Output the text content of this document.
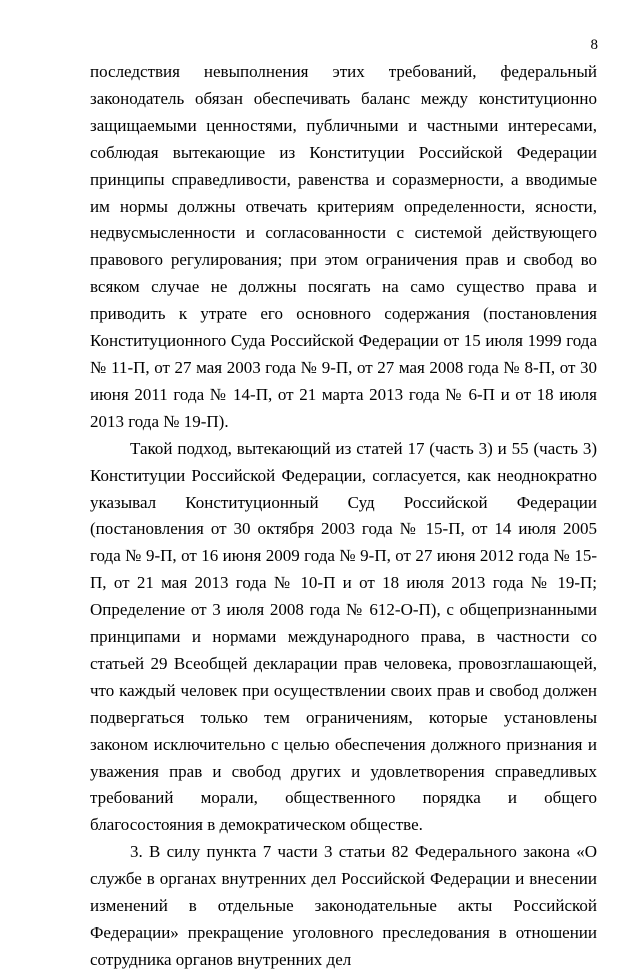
8

последствия невыполнения этих требований, федеральный законодатель обязан обеспечивать баланс между конституционно защищаемыми ценностями, публичными и частными интересами, соблюдая вытекающие из Конституции Российской Федерации принципы справедливости, равенства и соразмерности, а вводимые им нормы должны отвечать критериям определенности, ясности, недвусмысленности и согласованности с системой действующего правового регулирования; при этом ограничения прав и свобод во всяком случае не должны посягать на само существо права и приводить к утрате его основного содержания (постановления Конституционного Суда Российской Федерации от 15 июля 1999 года № 11-П, от 27 мая 2003 года № 9-П, от 27 мая 2008 года № 8-П, от 30 июня 2011 года № 14-П, от 21 марта 2013 года № 6-П и от 18 июля 2013 года № 19-П).

Такой подход, вытекающий из статей 17 (часть 3) и 55 (часть 3) Конституции Российской Федерации, согласуется, как неоднократно указывал Конституционный Суд Российской Федерации (постановления от 30 октября 2003 года № 15-П, от 14 июля 2005 года № 9-П, от 16 июня 2009 года № 9-П, от 27 июня 2012 года № 15-П, от 21 мая 2013 года № 10-П и от 18 июля 2013 года № 19-П; Определение от 3 июля 2008 года № 612-О-П), с общепризнанными принципами и нормами международного права, в частности со статьей 29 Всеобщей декларации прав человека, провозглашающей, что каждый человек при осуществлении своих прав и свобод должен подвергаться только тем ограничениям, которые установлены законом исключительно с целью обеспечения должного признания и уважения прав и свобод других и удовлетворения справедливых требований морали, общественного порядка и общего благосостояния в демократическом обществе.

3. В силу пункта 7 части 3 статьи 82 Федерального закона «О службе в органах внутренних дел Российской Федерации и внесении изменений в отдельные законодательные акты Российской Федерации» прекращение уголовного преследования в отношении сотрудника органов внутренних дел
